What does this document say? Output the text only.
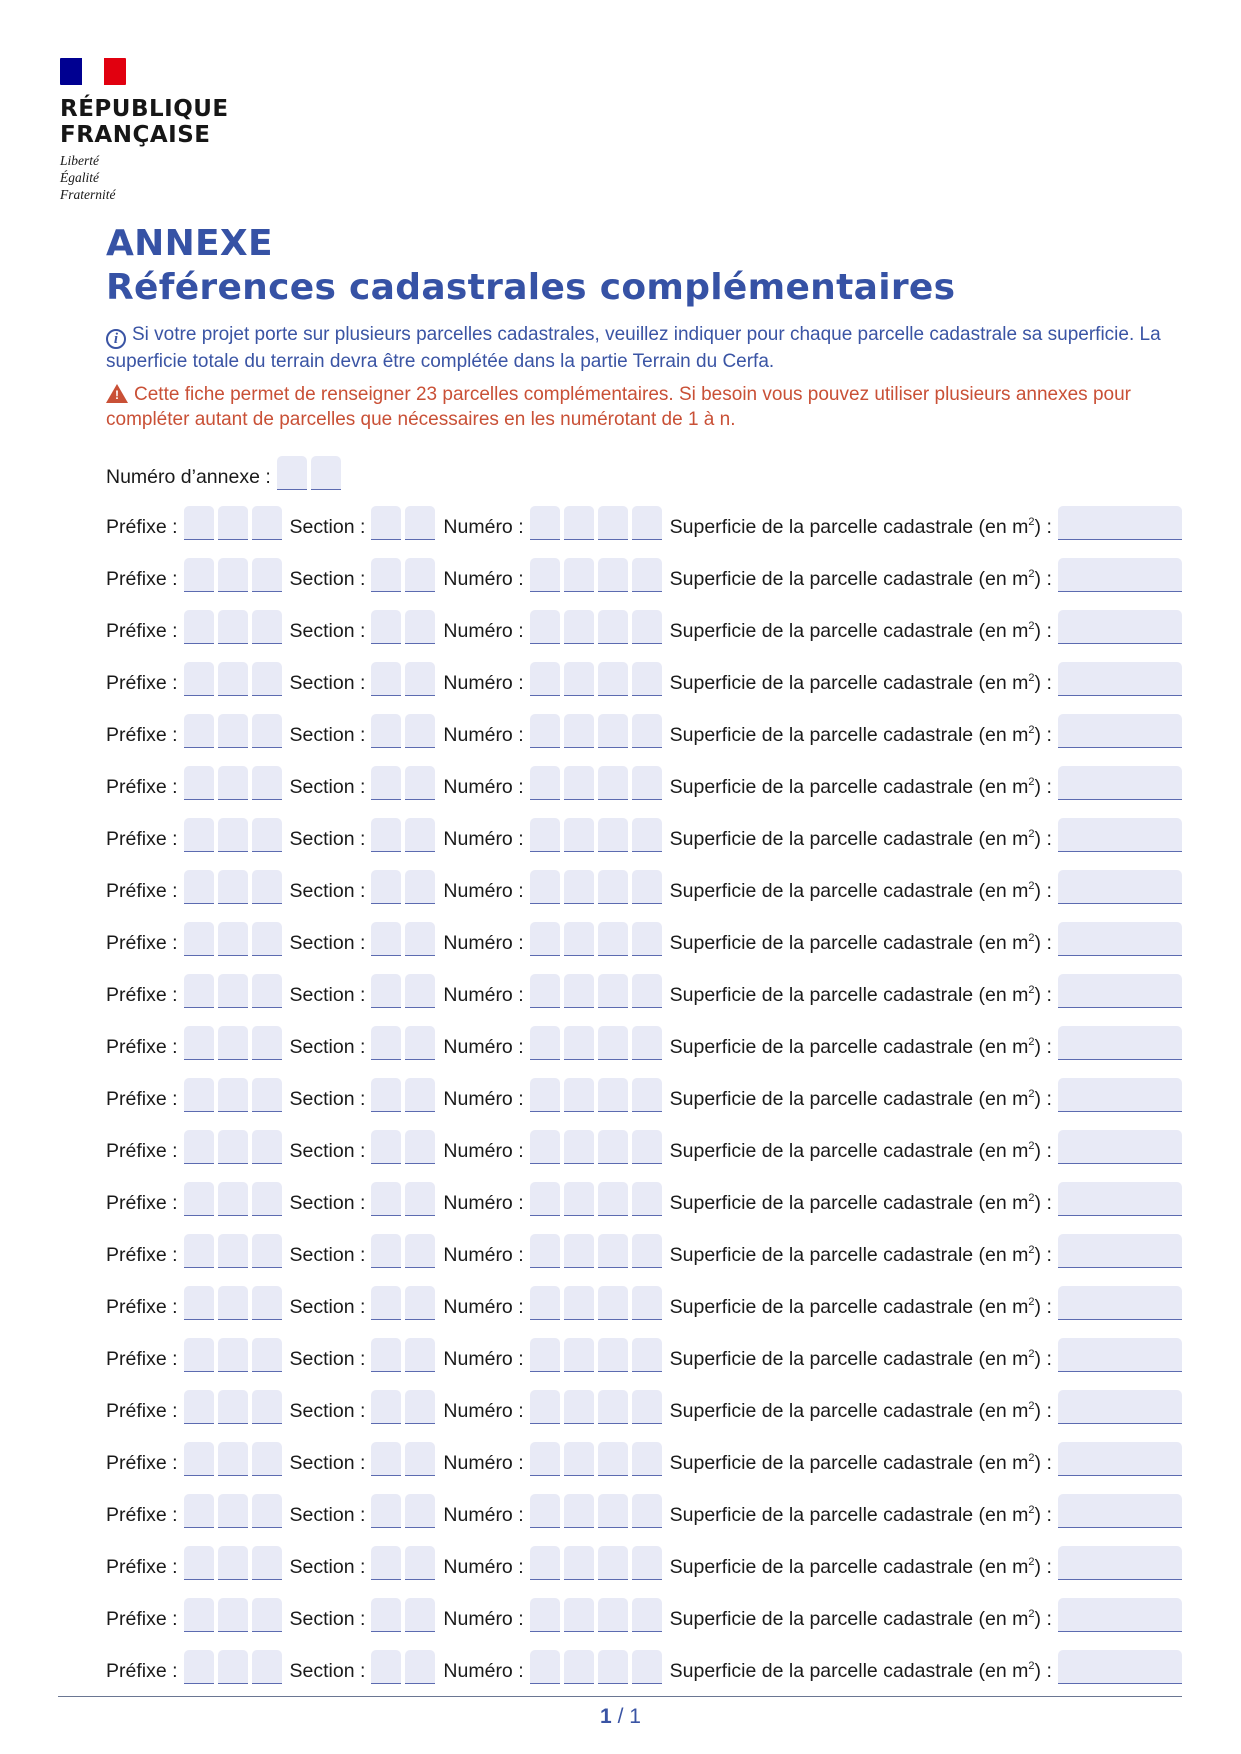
RÉPUBLIQUE
FRANÇAISE
Liberté
Égalité
Fraternité
ANNEXE
Références cadastrales complémentaires
i Si votre projet porte sur plusieurs parcelles cadastrales, veuillez indiquer pour chaque parcelle cadastrale sa superficie. La superficie totale du terrain devra être complétée dans la partie Terrain du Cerfa.
! Cette fiche permet de renseigner 23 parcelles complémentaires. Si besoin vous pouvez utiliser plusieurs annexes pour compléter autant de parcelles que nécessaires en les numérotant de 1 à n.
Numéro d’annexe :
Préfixe :	Section :	Numéro :	Superficie de la parcelle cadastrale (en $m^2$) :
Préfixe :	Section :	Numéro :	Superficie de la parcelle cadastrale (en $m^2$) :
Préfixe :	Section :	Numéro :	Superficie de la parcelle cadastrale (en $m^2$) :
Préfixe :	Section :	Numéro :	Superficie de la parcelle cadastrale (en $m^2$) :
Préfixe :	Section :	Numéro :	Superficie de la parcelle cadastrale (en $m^2$) :
Préfixe :	Section :	Numéro :	Superficie de la parcelle cadastrale (en $m^2$) :
Préfixe :	Section :	Numéro :	Superficie de la parcelle cadastrale (en $m^2$) :
Préfixe :	Section :	Numéro :	Superficie de la parcelle cadastrale (en $m^2$) :
Préfixe :	Section :	Numéro :	Superficie de la parcelle cadastrale (en $m^2$) :
Préfixe :	Section :	Numéro :	Superficie de la parcelle cadastrale (en $m^2$) :
Préfixe :	Section :	Numéro :	Superficie de la parcelle cadastrale (en $m^2$) :
Préfixe :	Section :	Numéro :	Superficie de la parcelle cadastrale (en $m^2$) :
Préfixe :	Section :	Numéro :	Superficie de la parcelle cadastrale (en $m^2$) :
Préfixe :	Section :	Numéro :	Superficie de la parcelle cadastrale (en $m^2$) :
Préfixe :	Section :	Numéro :	Superficie de la parcelle cadastrale (en $m^2$) :
Préfixe :	Section :	Numéro :	Superficie de la parcelle cadastrale (en $m^2$) :
Préfixe :	Section :	Numéro :	Superficie de la parcelle cadastrale (en $m^2$) :
Préfixe :	Section :	Numéro :	Superficie de la parcelle cadastrale (en $m^2$) :
Préfixe :	Section :	Numéro :	Superficie de la parcelle cadastrale (en $m^2$) :
Préfixe :	Section :	Numéro :	Superficie de la parcelle cadastrale (en $m^2$) :
Préfixe :	Section :	Numéro :	Superficie de la parcelle cadastrale (en $m^2$) :
Préfixe :	Section :	Numéro :	Superficie de la parcelle cadastrale (en $m^2$) :
Préfixe :	Section :	Numéro :	Superficie de la parcelle cadastrale (en $m^2$) :
1 / 1
